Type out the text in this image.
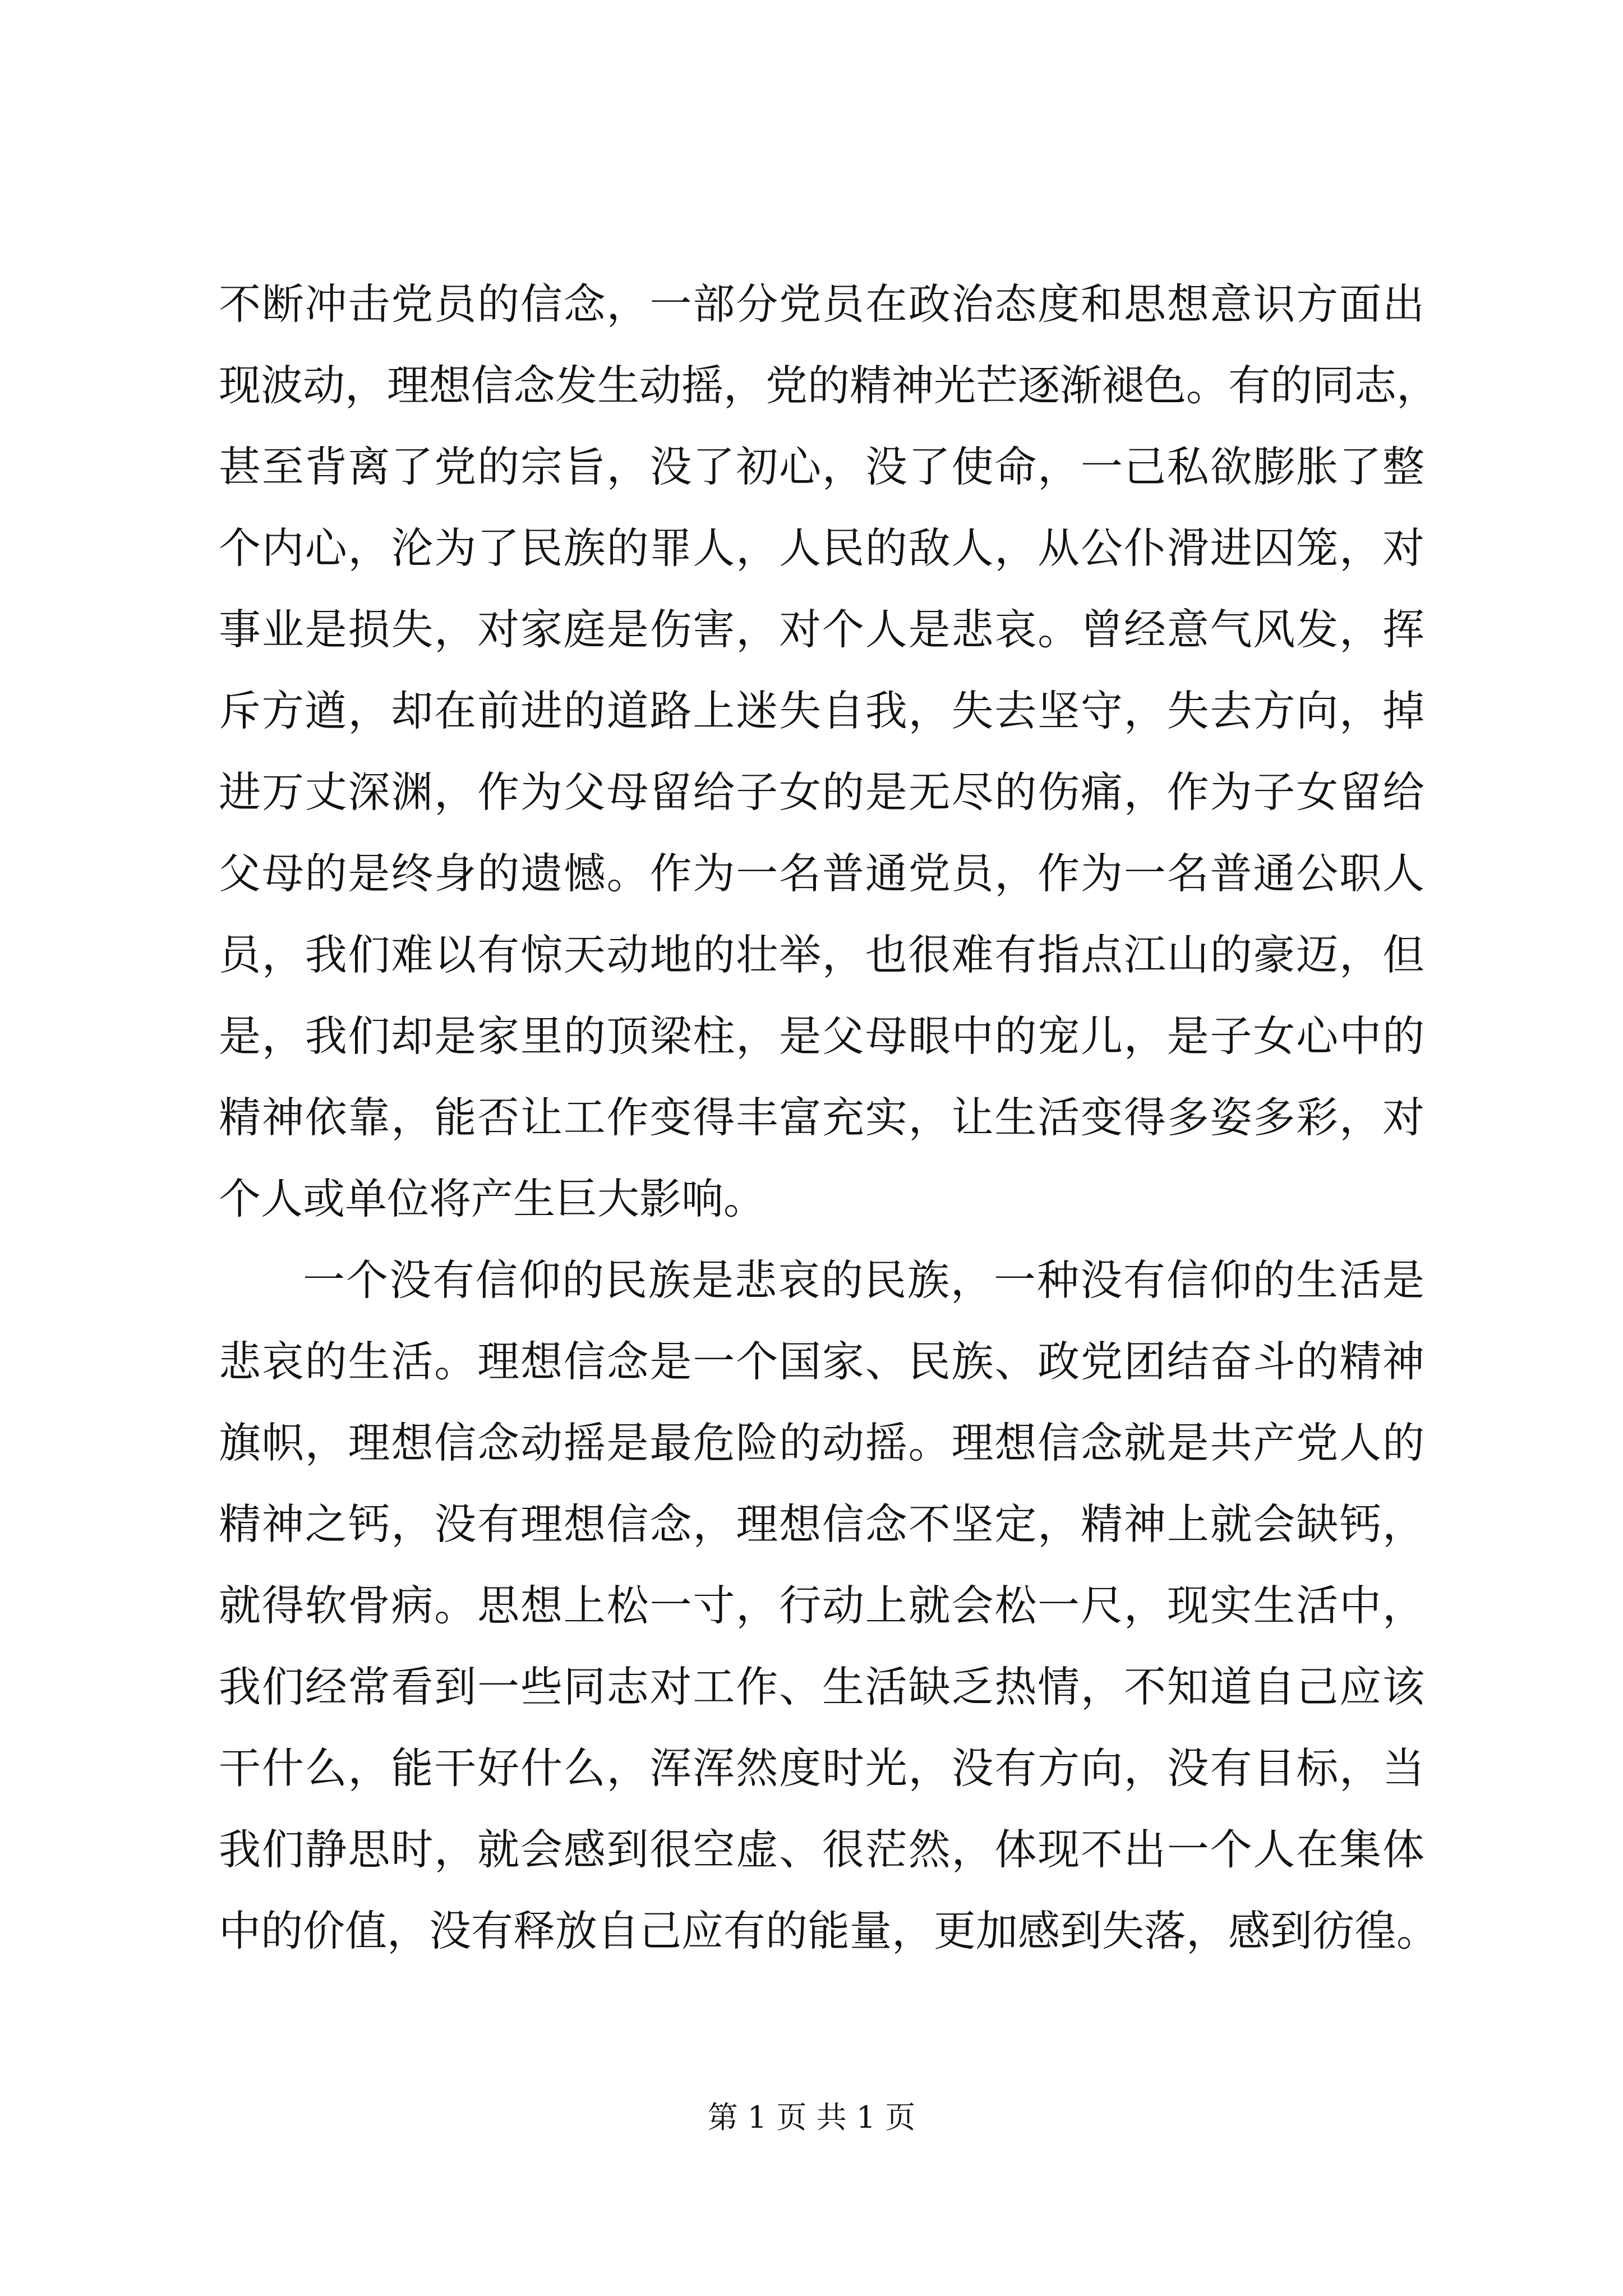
不断冲击党员的信念，一部分党员在政治态度和思想意识方面出
现波动，理想信念发生动摇，党的精神光芒逐渐褪色。有的同志，
甚至背离了党的宗旨，没了初心，没了使命，一己私欲膨胀了整
个内心，沦为了民族的罪人，人民的敌人，从公仆滑进囚笼，对
事业是损失，对家庭是伤害，对个人是悲哀。曾经意气风发，挥
斥方遒，却在前进的道路上迷失自我，失去坚守，失去方向，掉
进万丈深渊，作为父母留给子女的是无尽的伤痛，作为子女留给
父母的是终身的遗憾。作为一名普通党员，作为一名普通公职人
员，我们难以有惊天动地的壮举，也很难有指点江山的豪迈，但
是，我们却是家里的顶梁柱，是父母眼中的宠儿，是子女心中的
精神依靠，能否让工作变得丰富充实，让生活变得多姿多彩，对
个人或单位将产生巨大影响。
一个没有信仰的民族是悲哀的民族，一种没有信仰的生活是
悲哀的生活。理想信念是一个国家、民族、政党团结奋斗的精神
旗帜，理想信念动摇是最危险的动摇。理想信念就是共产党人的
精神之钙，没有理想信念，理想信念不坚定，精神上就会缺钙，
就得软骨病。思想上松一寸，行动上就会松一尺，现实生活中，
我们经常看到一些同志对工作、生活缺乏热情，不知道自己应该
干什么，能干好什么，浑浑然度时光，没有方向，没有目标，当
我们静思时，就会感到很空虚、很茫然，体现不出一个人在集体
中的价值，没有释放自己应有的能量，更加感到失落，感到彷徨。
第 1 页 共 1 页
